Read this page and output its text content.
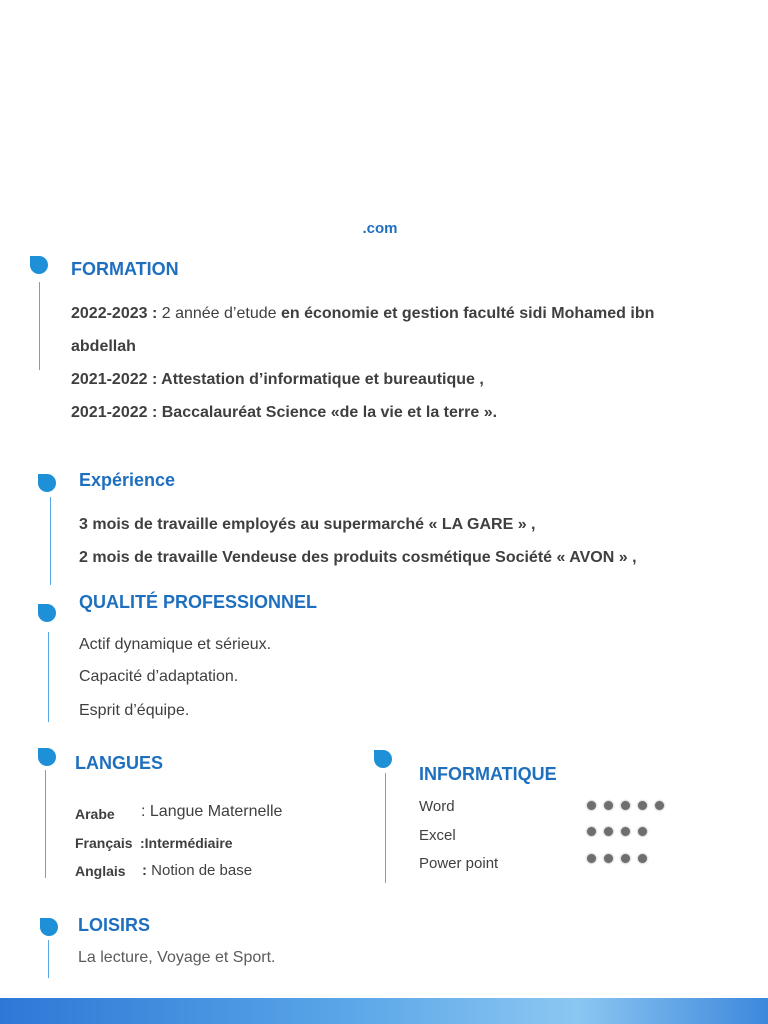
.com
FORMATION
2022-2023 : 2 année d’etude en économie et gestion faculté sidi Mohamed ibn
abdellah
2021-2022 : Attestation d’informatique et bureautique ,
2021-2022 : Baccalauréat Science «de la vie et la terre ».
Expérience
3 mois de travaille employés au supermarché « LA GARE » ,
2 mois de travaille Vendeuse des produits cosmétique Société « AVON » ,
QUALITÉ PROFESSIONNEL
Actif dynamique et sérieux.
Capacité d’adaptation.
Esprit d’équipe.
LANGUES
Arabe : Langue Maternelle
Français :Intermédiaire
Anglais : Notion de base
INFORMATIQUE
Word
Excel
Power point
LOISIRS
La lecture, Voyage et Sport.
